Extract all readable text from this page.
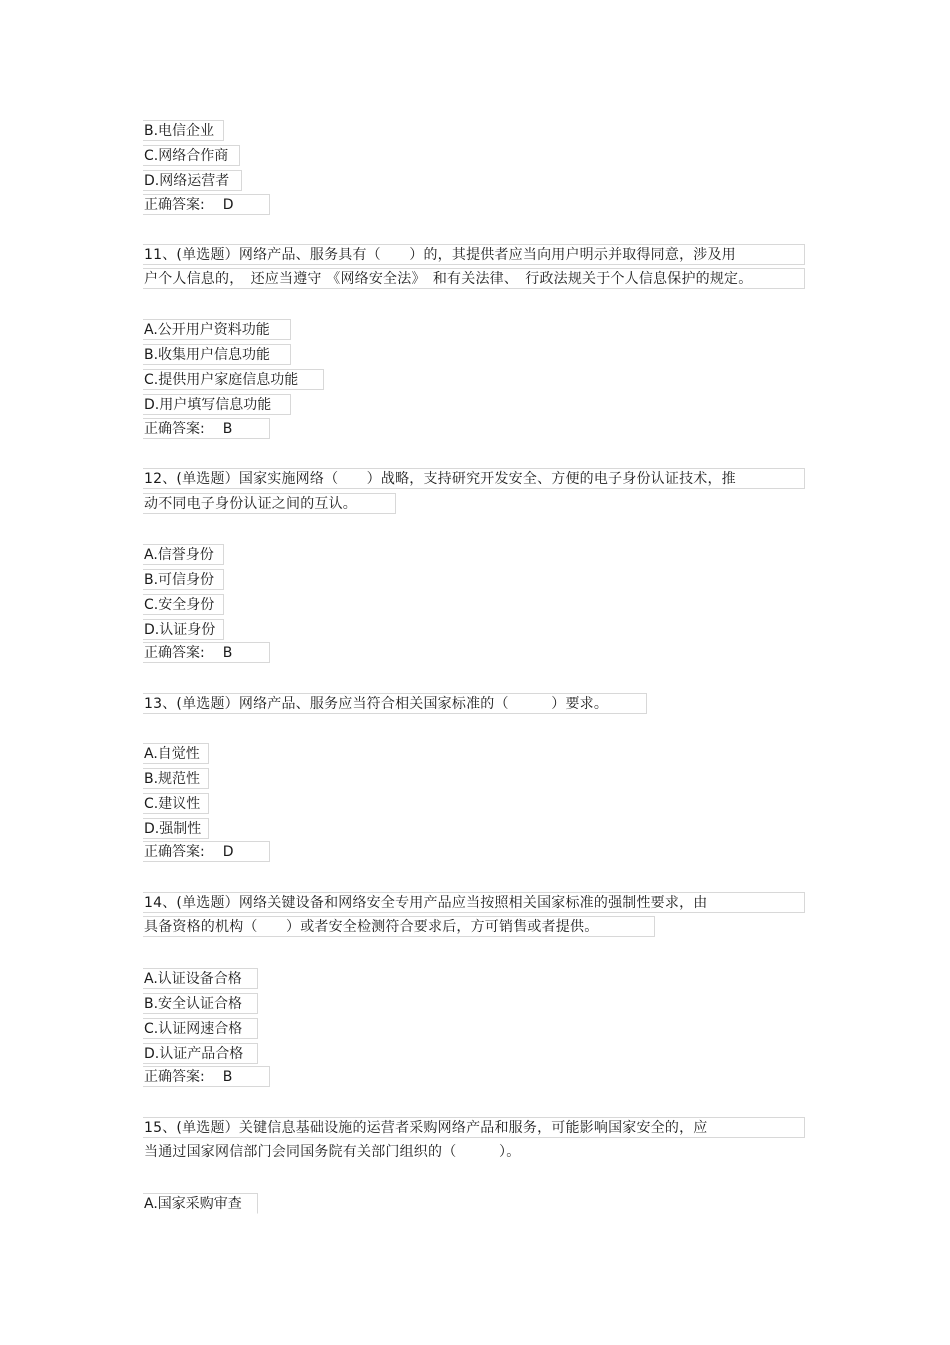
B.电信企业
C.网络合作商
D.网络运营者
正确答案: D
11、(单选题）网络产品、服务具有（　　）的，其提供者应当向用户明示并取得同意，涉及用
户个人信息的，　还应当遵守 《网络安全法》　和有关法律、　行政法规关于个人信息保护的规定。
A.公开用户资料功能
B.收集用户信息功能
C.提供用户家庭信息功能
D.用户填写信息功能
正确答案: B
12、(单选题）国家实施网络（　　）战略，支持研究开发安全、方便的电子身份认证技术，推
动不同电子身份认证之间的互认。
A.信誉身份
B.可信身份
C.安全身份
D.认证身份
正确答案: B
13、(单选题）网络产品、服务应当符合相关国家标准的（　　　）要求。
A.自觉性
B.规范性
C.建议性
D.强制性
正确答案: D
14、(单选题）网络关键设备和网络安全专用产品应当按照相关国家标准的强制性要求，由
具备资格的机构（　　）或者安全检测符合要求后，方可销售或者提供。
A.认证设备合格
B.安全认证合格
C.认证网速合格
D.认证产品合格
正确答案: B
15、(单选题）关键信息基础设施的运营者采购网络产品和服务，可能影响国家安全的，应
当通过国家网信部门会同国务院有关部门组织的（　　　）。
A.国家采购审查
